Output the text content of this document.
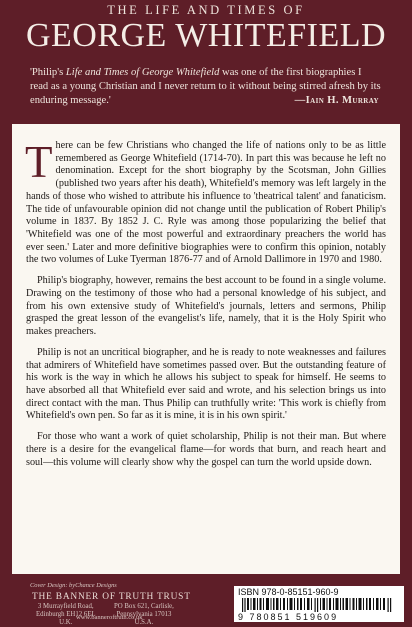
THE LIFE AND TIMES OF
GEORGE WHITEFIELD
'Philip's Life and Times of George Whitefield was one of the first biographies I read as a young Christian and I never return to it without being stirred afresh by its enduring message.'	—Iain H. Murray

There can be few Christians who changed the life of nations only to be as little remembered as George Whitefield (1714-70). In part this was because he left no denomination. Except for the short biography by the Scotsman, John Gillies (published two years after his death), Whitefield's memory was left largely in the hands of those who wished to attribute his influence to 'theatrical talent' and fanaticism. The tide of unfavourable opinion did not change until the publication of Robert Philip's volume in 1837. By 1852 J. C. Ryle was among those popularizing the belief that 'Whitefield was one of the most powerful and extraordinary preachers the world has ever seen.' Later and more definitive biographies were to confirm this opinion, notably the two volumes of Luke Tyerman 1876-77 and of Arnold Dallimore in 1970 and 1980.

Philip's biography, however, remains the best account to be found in a single volume. Drawing on the testimony of those who had a personal knowledge of his subject, and from his own extensive study of Whitefield's journals, letters and sermons, Philip grasped the great lesson of the evangelist's life, namely, that it is the Holy Spirit who makes preachers.

Philip is not an uncritical biographer, and he is ready to note weaknesses and failures that admirers of Whitefield have sometimes passed over. But the outstanding feature of his work is the way in which he allows his subject to speak for himself. He seems to have absorbed all that Whitefield ever said and wrote, and his selection brings us into direct contact with the man. Thus Philip can truthfully write: 'This work is chiefly from Whitefield's own pen. So far as it is mine, it is in his own spirit.'

For those who want a work of quiet scholarship, Philip is not their man. But where there is a desire for the evangelical flame—for words that burn, and reach heart and soul—this volume will clearly show why the gospel can turn the world upside down.

Cover Design: byChance Designs
THE BANNER OF TRUTH TRUST
3 Murrayfield Road,
Edinburgh EH12 6EL
U.K.
PO Box 621, Carlisle,
Pennsylvania 17013
U.S.A.
www.banneroftruth.co.uk
ISBN 978-0-85151-960-9
9 780851 519609
